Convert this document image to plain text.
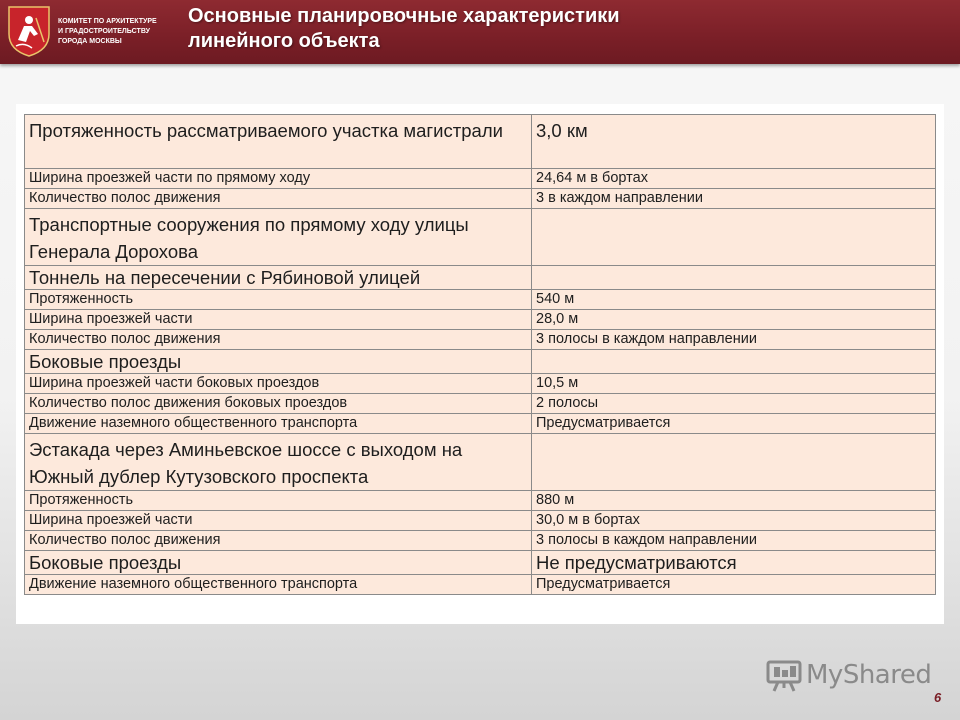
КОМИТЕТ ПО АРХИТЕКТУРЕ
И ГРАДОСТРОИТЕЛЬСТВУ
ГОРОДА МОСКВЫ
Основные планировочные характеристики
линейного объекта
Протяженность рассматриваемого участка магистрали	3,0 км
Ширина проезжей части по прямому ходу	24,64 м в бортах
Количество полос движения	3 в каждом направлении
Транспортные сооружения по прямому ходу улицы Генерала Дорохова	
Тоннель на пересечении с Рябиновой улицей	
Протяженность	540 м
Ширина проезжей части	28,0 м
Количество полос движения	3 полосы в каждом направлении
Боковые проезды	
Ширина проезжей части боковых проездов	10,5 м
Количество полос движения боковых проездов	2 полосы
Движение наземного общественного транспорта	Предусматривается
Эстакада через Аминьевское шоссе с выходом на Южный дублер Кутузовского проспекта	
Протяженность	880 м
Ширина проезжей части	30,0 м в бортах
Количество полос движения	3 полосы в каждом направлении
Боковые проезды	Не предусматриваются
Движение наземного общественного транспорта	Предусматривается
MyShared
6
